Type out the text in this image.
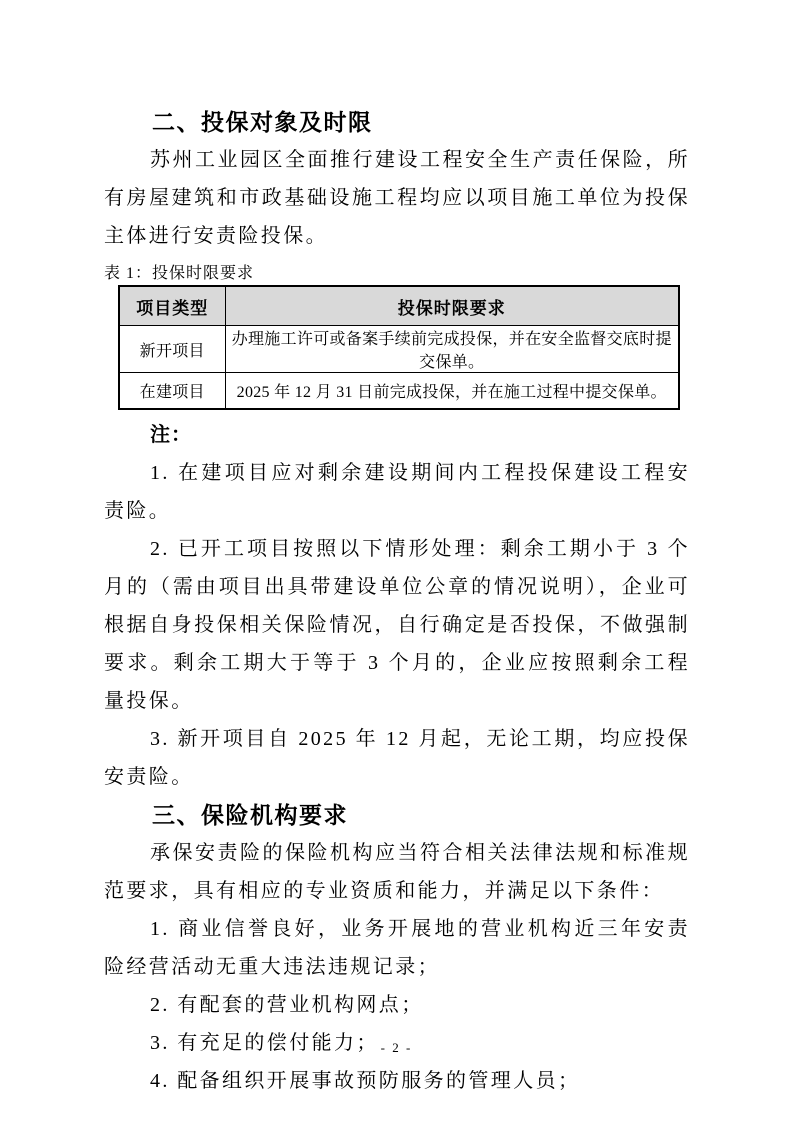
二、投保对象及时限

苏州工业园区全面推行建设工程安全生产责任保险，所有房屋建筑和市政基础设施工程均应以项目施工单位为投保主体进行安责险投保。

表 1：投保时限要求
项目类型	投保时限要求
新开项目	办理施工许可或备案手续前完成投保，并在安全监督交底时提交保单。
在建项目	2025 年 12 月 31 日前完成投保，并在施工过程中提交保单。

注：

1. 在建项目应对剩余建设期间内工程投保建设工程安责险。

2. 已开工项目按照以下情形处理：剩余工期小于 3 个月的（需由项目出具带建设单位公章的情况说明），企业可根据自身投保相关保险情况，自行确定是否投保，不做强制要求。剩余工期大于等于 3 个月的，企业应按照剩余工程量投保。

3. 新开项目自 2025 年 12 月起，无论工期，均应投保安责险。

三、保险机构要求

承保安责险的保险机构应当符合相关法律法规和标准规范要求，具有相应的专业资质和能力，并满足以下条件：

1. 商业信誉良好，业务开展地的营业机构近三年安责险经营活动无重大违法违规记录；

2. 有配套的营业机构网点；

3. 有充足的偿付能力；

4. 配备组织开展事故预防服务的管理人员；

- 2 -
